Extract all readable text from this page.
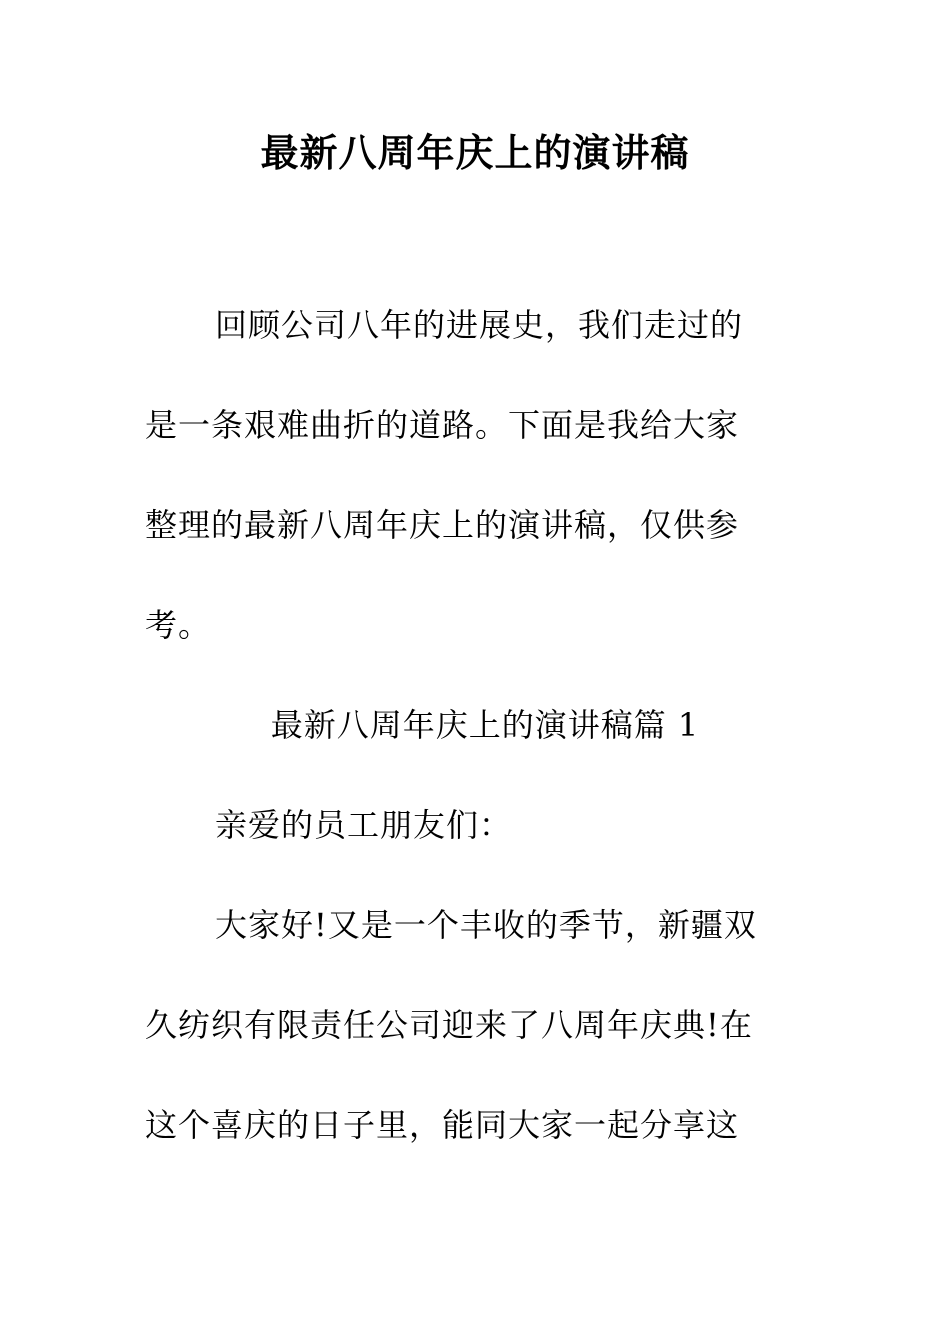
最新八周年庆上的演讲稿
回顾公司八年的进展史，我们走过的
是一条艰难曲折的道路。下面是我给大家
整理的最新八周年庆上的演讲稿，仅供参
考。
最新八周年庆上的演讲稿篇 1
亲爱的员工朋友们：
大家好!又是一个丰收的季节，新疆双
久纺织有限责任公司迎来了八周年庆典!在
这个喜庆的日子里，能同大家一起分享这
